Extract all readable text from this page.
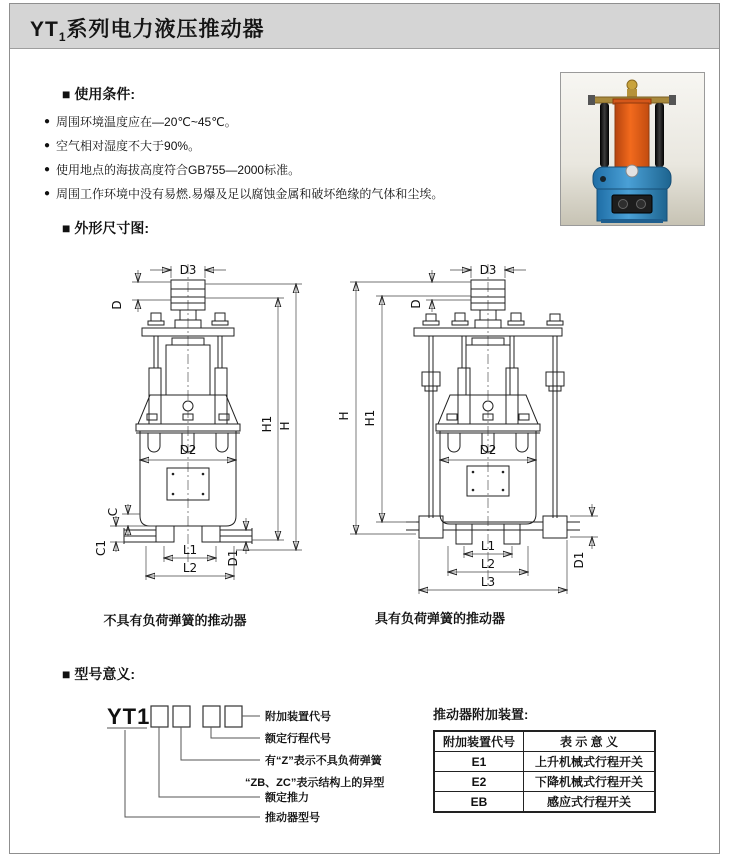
$YT_1$系列电力液压推动器
■ 使用条件:
● 周围环境温度应在—20℃~45℃。
● 空气相对湿度不大于90%。
● 使用地点的海拔高度符合GB755—2000标准。
● 周围工作环境中没有易燃.易爆及足以腐蚀金属和破坏绝缘的气体和尘埃。
■ 外形尺寸图:
D3
D
D2
C
C1
D1
L1
L2
H1 H
D3
D
H H1
D2
D1
L1
L2
L3
不具有负荷弹簧的推动器	具有负荷弹簧的推动器
■ 型号意义:
YT1	附加装置代号
额定行程代号
有“Z”表示不具负荷弹簧
“ZB、ZC”表示结构上的异型
额定推力
推动器型号
推动器附加装置:
附加装置代号	表 示 意 义
E1	上升机械式行程开关
E2	下降机械式行程开关
EB	感应式行程开关
